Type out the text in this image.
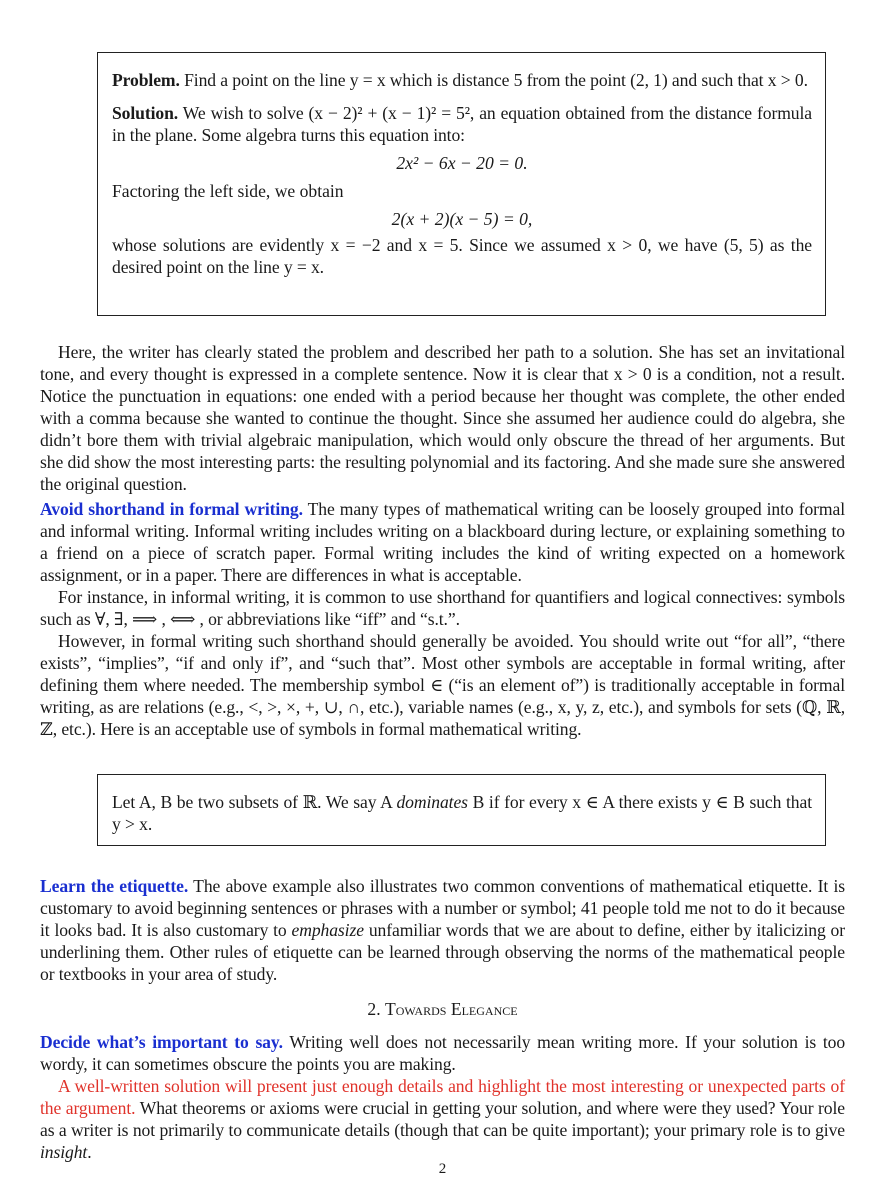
Problem. Find a point on the line y = x which is distance 5 from the point (2, 1) and such that x > 0.

Solution. We wish to solve (x − 2)² + (x − 1)² = 5², an equation obtained from the distance formula in the plane. Some algebra turns this equation into:

2x² − 6x − 20 = 0.

Factoring the left side, we obtain

2(x + 2)(x − 5) = 0,

whose solutions are evidently x = −2 and x = 5. Since we assumed x > 0, we have (5, 5) as the desired point on the line y = x.

Here, the writer has clearly stated the problem and described her path to a solution. She has set an invitational tone, and every thought is expressed in a complete sentence. Now it is clear that x > 0 is a condition, not a result. Notice the punctuation in equations: one ended with a period because her thought was complete, the other ended with a comma because she wanted to continue the thought. Since she assumed her audience could do algebra, she didn’t bore them with trivial algebraic manipulation, which would only obscure the thread of her arguments. But she did show the most interesting parts: the resulting polynomial and its factoring. And she made sure she answered the original question.

Avoid shorthand in formal writing. The many types of mathematical writing can be loosely grouped into formal and informal writing. Informal writing includes writing on a blackboard during lecture, or explaining something to a friend on a piece of scratch paper. Formal writing includes the kind of writing expected on a homework assignment, or in a paper. There are differences in what is acceptable.

For instance, in informal writing, it is common to use shorthand for quantifiers and logical connectives: symbols such as ∀, ∃, ⟹ , ⟺ , or abbreviations like “iff” and “s.t.”.

However, in formal writing such shorthand should generally be avoided. You should write out “for all”, “there exists”, “implies”, “if and only if”, and “such that”. Most other symbols are acceptable in formal writing, after defining them where needed. The membership symbol ∈ (“is an element of”) is traditionally acceptable in formal writing, as are relations (e.g., <, >, ×, +, ∪, ∩, etc.), variable names (e.g., x, y, z, etc.), and symbols for sets (ℚ, ℝ, ℤ, etc.). Here is an acceptable use of symbols in formal mathematical writing.

Let A, B be two subsets of ℝ. We say A dominates B if for every x ∈ A there exists y ∈ B such that y > x.

Learn the etiquette. The above example also illustrates two common conventions of mathematical etiquette. It is customary to avoid beginning sentences or phrases with a number or symbol; 41 people told me not to do it because it looks bad. It is also customary to emphasize unfamiliar words that we are about to define, either by italicizing or underlining them. Other rules of etiquette can be learned through observing the norms of the mathematical people or textbooks in your area of study.

2. Towards Elegance

Decide what’s important to say. Writing well does not necessarily mean writing more. If your solution is too wordy, it can sometimes obscure the points you are making.

A well-written solution will present just enough details and highlight the most interesting or unexpected parts of the argument. What theorems or axioms were crucial in getting your solution, and where were they used? Your role as a writer is not primarily to communicate details (though that can be quite important); your primary role is to give insight.

2
